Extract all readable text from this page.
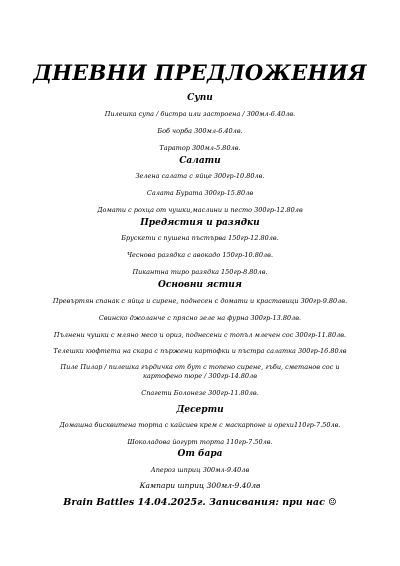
ДНЕВНИ ПРЕДЛОЖЕНИЯ
Супи
Пилешка супа / бистра или застроена / 300мл-6.40лв.
Боб чорба 300мл-6.40лв.
Таратор 300мл-5.80лв.
Салати
Зелена салата с яйце 300гр-10.80лв.
Салата Бурата 300гр-15.80лв
Домати с рохца от чушки,маслини и песто 300гр-12.80лв
Предястия и разядки
Брускети с пушена пъстърва 150гр-12.80лв.
Чеснова разядка с авокадо 150гр-10.80лв.
Пикантна тиро разядка 150гр-8.80лв.
Основни ястия
Превъртян спанак с яйца и сирене, поднесен с домати и краставици 300гр-9.80лв.
Свинско джоланче с прясно зеле на фурна 300гр-13.80лв.
Пълнени чушки с мляно месо и ориз, поднесени с топъл млечен сос 300гр-11.80лв.
Телешки кюфтета на скара с пържени картофки и пъстра салатка 300гр-16.80лв
Пиле Пилар / пилешка гърдичка от бут с топено сирене, гъби, сметанов сос и картофено пюре / 300гр-14.80лв
Спагети Болонезе 300гр-11.80лв.
Десерти
Домашна бисквитена торта с кайсиев крем с маскарпоне и орехи110гр-7.50лв.
Шоколадова йогурт торта 110гр-7.50лв.
От бара
Апероз шприц 300мл-9.40лв
Кампари шприц 300мл-9.40лв
Brain Battles 14.04.2025г. Записвания: при нас ☺
